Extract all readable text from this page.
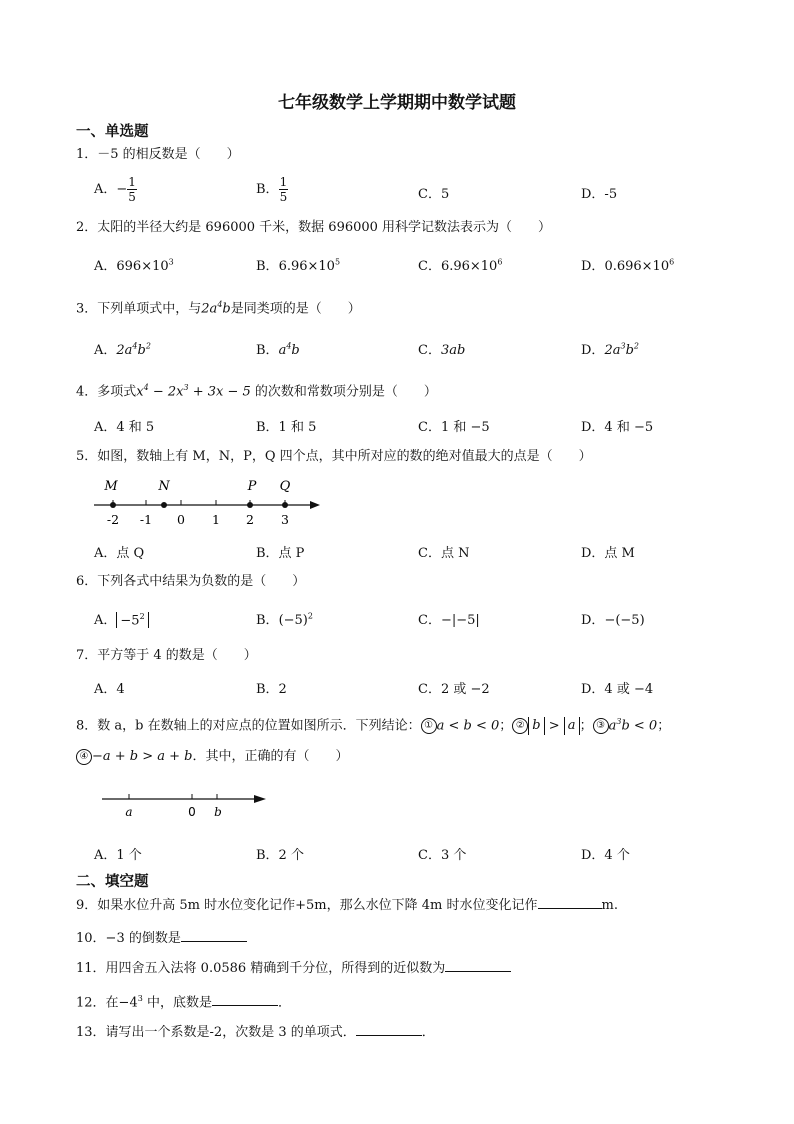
七年级数学上学期期中数学试题
一、单选题
1．－5 的相反数是（　　）
A．− $\frac{1}{5}$	B． $\frac{1}{5}$	C．5	D．-5
2．太阳的半径大约是 696000 千米，数据 696000 用科学记数法表示为（　　）
A．$696\times 10^3$	B．$6.96\times 10^5$	C．$6.96\times 10^6$	D．$0.696\times 10^6$
3．下列单项式中，与$2a^4b$是同类项的是（　　）
A．$2a^4b^2$	B．$a^4b$	C．3ab	D．$2a^3b^2$
4．多项式$x^4 - 2x^3 + 3x - 5$ 的次数和常数项分别是（　　）
A．4 和 5	B．1 和 5	C．1 和 −5	D．4 和 −5
5．如图，数轴上有 M，N，P，Q 四个点，其中所对应的数的绝对值最大的点是（　　）
M	N	P Q
-2 -1 0 1 2 3
A．点 Q	B．点 P	C．点 N	D．点 M
6．下列各式中结果为负数的是（　　）
A． $-5^2$	B．$(-5)^2$	C．−|−5|	D．−(−5)
7．平方等于 4 的数是（　　）
A．4	B．2	C．2 或 −2	D．4 或 −4
8．数 a，b 在数轴上的对应点的位置如图所示．下列结论： ① a < b < 0； ② b > a ； ③ $a^3b < 0$；
④ −a + b > a + b．其中，正确的有（　　）
a	0 b
A．1 个	B．2 个	C．3 个	D．4 个
二、填空题
9．如果水位升高 5m 时水位变化记作+5m，那么水位下降 4m 时水位变化记作	m.
10．−3 的倒数是
11．用四舍五入法将 0.0586 精确到千分位，所得到的近似数为
12．在$-4^3$ 中，底数是	．
13．请写出一个系数是-2，次数是 3 的单项式．	．
